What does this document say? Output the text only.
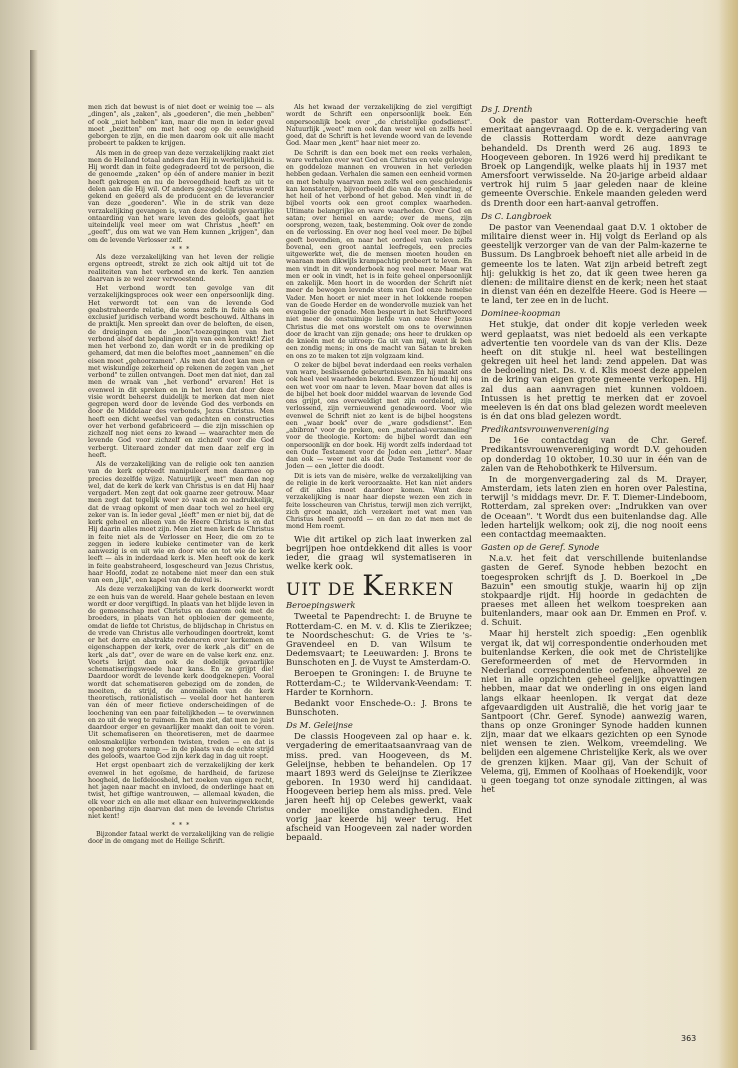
men zich dat bewust is of niet doet er weinig toe — als „dingen", als „zaken", als „goederen", die men „hebben" of ook „niet hebben" kan, maar die men in ieder geval moet „bezitten" om met het oog op de eeuwigheid geborgen te zijn, en die men daarom ook uit alle macht probeert te pakken te krijgen.

Als men in de greep van deze verzakelijking raakt ziet men de Heiland totaal anders dan Hij in werkelijkheid is. Hij wordt dan in feite gedegradeerd tot de persoon, die de genoemde „zaken" op één of andere manier in bezit heeft gekregen en nu de bevoegdheid heeft ze uit te delen aan die Hij wil. Of anders gezegd: Christus wordt gekend en geëerd als de producent en de leverancier van deze „goederen". Wie in de strik van deze verzakelijking gevangen is, van deze dodelijk gevaarlijke ontaarding van het ware leven des geloofs, gaat het uiteindelijk veel meer om wat Christus „heeft" en „geeft", dus om wat we van Hem kunnen „krijgen", dan om de levende Verlosser zelf.

* * *

Als deze verzakelijking van het leven der religie ergens optreedt, strekt ze zich ook altijd uit tot de realiteiten van het verbond en de kerk. Ten aanzien daarvan is ze wel zeer verwoestend.

Het verbond wordt ten gevolge van dit verzakelijkingsproces ook weer een onpersoonlijk ding. Het verwordt tot een van de levende God geabstraheerde relatie, die soms zelfs in feite als een exclusief juridisch verband wordt beschouwd. Althans in de praktijk. Men spreekt dan over de beloften, de eisen, de dreigingen en de „loon"-toezeggingen van het verbond alsof dat bepalingen zijn van een kontrakt! Ziet men het verbond zo, dan wordt er in de prediking op gehamerd, dat men die beloftes moet „aannemen" en die eisen moet „gehoorzamen". Als men dat doet kan men er met wiskundige zekerheid op rekenen de zegen van „het verbond" te zullen ontvangen. Doet men dat niet, dan zal men de wraak van „het verbond" ervaren! Het is evenwel in dit spreken en in het leven dat door deze visie wordt beheerst duidelijk te merken dat men niet gegrepen werd door de levende God des verbonds en door de Middelaar des verbonds, Jezus Christus. Men heeft een dicht weefsel van gedachten en constructies over het verbond gefabriceerd — die zijn misschien op zichzelf nog niet eens zo kwaad — waarachter men de levende God voor zichzelf en zichzelf voor die God verbergt. Uiteraard zonder dat men daar zelf erg in heeft.

Als de verzakelijking van de religie ook ten aanzien van de kerk optreedt manipuleert men daarmee op precies dezelfde wijze. Natuurlijk „weet" men dan nog wel, dat de kerk de kerk van Christus is en dat Hij haar vergadert. Men zegt dat ook gaarne zeer getrouw. Maar men zegt dat tegelijk weer zó vaak en zo nadrukkelijk, dat de vraag opkomt of men daar toch wel zo heel erg zeker van is. In ieder geval „léeft" men er niet bij, dat de kerk geheel en alleen van de Heere Christus is en dat Hij daarin alles moet zijn. Men ziet men kerk de Christus in feite niet als de Verlosser en Heer, die om zo te zeggen in iedere kubieke centimeter van de kerk aanwezig is en uit wie en door wie en tot wie de kerk leeft — als in inderdaad kerk is. Men heeft ook de kerk in feite geabstraheerd, losgescheurd van Jezus Christus, haar Hoofd, zodat ze notabene niet meer dan een stuk van een „lijk", een kapel van de duivel is.

Als deze verzakelijking van de kerk doorwerkt wordt ze een huis van de wereld. Haar gehele bestaan en leven wordt er door vergiftigd. In plaats van het blijde leven in de gemeenschap met Christus en daarom ook met de broeders, in plaats van het opbloeien der gemeente, omdat de liefde tot Christus, de blijdschap in Christus en de vrede van Christus alle verhoudingen doortrekt, komt er het dorre en abstrakte redeneren over kerkemen en eigenschappen der kerk, over de kerk „als dit" en de kerk „als dat", over de ware en de valse kerk enz. enz. Voorts krijgt dan ook de dodelijk gevaarlijke schematiseringswoede haar kans. En ze grijpt die! Daardoor wordt de levende kerk doodgeknepen. Vooral wordt dat schematiseren gebezigd om de zonden, de moeiten, de strijd, de anomalieën van de kerk theoretisch, rationalistisch — veelal door het hanteren van één of meer fictieve onderscheidingen of de loochening van een paar feitelijkheden — te overwinnen en zo uit de weg te ruimen. En men ziet, dat men ze juist daardoor erger en gevaarlijker maakt dan ooit te voren. Uit schematiseren en theoretiseren, met de daarmee onlosmakelijke verbonden twisten, treden — en dat is een nog groters ramp — in de plaats van de echte strijd des geloofs, waartoe God zijn kerk dag in dag uit roept.

Het ergst openbaart zich de verzakelijking der kerk evenwel in het egoïsme, de hardheid, de farizese hoogheid, de liefdeloosheid, het zoeken van eigen recht, het jagen naar macht en invloed, de onderlinge haat en twist, het giftige wantrouwen, — allemaal kwaden, die elk voor zich en alle met elkaar een huiveringwekkende openbaring zijn daarvan dat men de levende Christus niet kent!

* * *

Bijzonder fataal werkt de verzakelijking van de religie door in de omgang met de Heilige Schrift.

Als het kwaad der verzakelijking de ziel vergiftigt wordt de Schrift een onpersoonlijk boek. Een onpersoonlijk boek over „de christelijke godsdienst". Natuurlijk „weet" men ook dan weer wel en zelfs heel goed, dat de Schrift is het levende woord van de levende God. Maar men „kent" haar niet meer zo.

De Schrift is dan een boek met een reeks verhalen, ware verhalen over wat God en Christus en vele gelovige en goddeloze mannen en vrouwen in het verleden hebben gedaan. Verhalen die samen een eenheid vormen en met behulp waarvan men zelfs wel een geschiedenis kan konstateren, bijvoorbeeld die van de openbaring, of het heil of het verbond of het gebod. Men vindt in de bijbel voorts ook een groot complex waarheden. Ultimate belangrijke en ware waarheden. Over God en satan; over hemel en aarde; over de mens, zijn oorsprong, wezen, taak, bestemming. Ook over de zonde en de verlossing. En over nog heel veel meer. De bijbel geeft bovendien, en naar het oordeel van velen zelfs bovenal, een groot aantal leefregels, een precies uitgewerkte wet, die de mensen moeten houden en waaraan men dikwijls krampachtig probeert te leven. En men vindt in dit wonderboek nog veel meer. Maar wat men er ook in vindt, het is in feite geheel onpersoonlijk en zakelijk. Men hoort in de woorden der Schrift niet meer de bewogen levende stem van God onze hemelse Vader. Men hoort er niet meer in het lokkende roepen van de Goede Herder en de wondervolle muziek van het evangelie der genade. Men bespeurt in het Schriftwoord niet meer de onstuimige liefde van onze Heer Jezus Christus die met ons worstelt om ons te overwinnen door de kracht van zijn genade; ons heer te drukken op de knieën met de uitroep: Ga uit van mij, want ik ben een zondig mens; in ons de macht van Satan te breken en ons zo te maken tot zijn volgzaam kind.

O zeker de bijbel bevat inderdaad een reeks verhalen van ware, beslissende gebeurtenissen. En hij maakt ons ook heel veel waarheden bekend. Evenzeer houdt hij ons een wet voor om naar te leven. Maar boven dat alles is de bijbel het boek door middel waarvan de levende God ons grijpt, ons overweldigt met zijn oordelend, zijn verlossend, zijn vernieuwend genadewoord. Voor wie evenwel de Schrift niet zo kent is de bijbel hoogstens een „waar boek" over de „ware godsdienst". Een „abibron" voor de preken, een „materiaal-verzameling" voor de theologie. Kortom: de bijbel wordt dan een onpersoonlijk en dor boek. Hij wordt zelfs inderdaad tot een Oude Testament voor de Joden een „letter". Maar dan ook — weer net als dat Oude Testament voor de Joden — een „letter die doodt.

Dit is iets van de misère, welke de verzakelijking van de religie in de kerk veroorzaakte. Het kan niet anders of dit alles moet daardoor komen. Want deze verzakelijking is naar haar diepste wezen een zich in feite losscheuren van Christus, terwijl men zich verrijkt, zich groot maakt, zich verzekert met wat men van Christus heeft geroofd — en dan zo dat men met de mond Hem roemt.

Wie dit artikel op zich laat inwerken zal begrijpen hoe ontdekkend dit alles is voor ieder, die graag wil systematiseren in welke kerk ook.

UIT DE KERKEN
Beroepingswerk

Tweetal te Papendrecht: I. de Bruyne te Rotterdam-C. en M. v. d. Klis te Zierikzee; te Noordscheschut: G. de Vries te 's-Gravendeel en D. van Wilsum te Dedemsvaart; te Leeuwarden: J. Brons te Bunschoten en J. de Vuyst te Amsterdam-O.

Beroepen te Groningen: I. de Bruyne te Rotterdam-C.; te Wildervank-Veendam: T. Harder te Kornhorn.

Bedankt voor Enschede-O.: J. Brons te Bunschoten.

Ds M. Geleijnse

De classis Hoogeveen zal op haar e. k. vergadering de emeritaatsaanvraag van de miss. pred. van Hoogeveen, ds M. Geleijnse, hebben te behandelen. Op 17 maart 1893 werd ds Geleijnse te Zierikzee geboren. In 1930 werd hij candidaat. Hoogeveen beriep hem als miss. pred. Vele jaren heeft hij op Celebes gewerkt, vaak onder moeilijke omstandigheden. Eind vorig jaar keerde hij weer terug. Het afscheid van Hoogeveen zal nader worden bepaald.

Ds J. Drenth

Ook de pastor van Rotterdam-Overschie heeft emeritaat aangevraagd. Op de e. k. vergadering van de classis Rotterdam wordt deze aanvrage behandeld. Ds Drenth werd 26 aug. 1893 te Hoogeveen geboren. In 1926 werd hij predikant te Broek op Langendijk, welke plaats hij in 1937 met Amersfoort verwisselde. Na 20-jarige arbeid aldaar vertrok hij ruim 5 jaar geleden naar de kleine gemeente Overschie. Enkele maanden geleden werd ds Drenth door een hart-aanval getroffen.

Ds C. Langbroek

De pastor van Veenendaal gaat D.V. 1 oktober de militaire dienst weer in. Hij volgt ds Eerland op als geestelijk verzorger van de van der Palm-kazerne te Bussum. Ds Langbroek behoeft niet alle arbeid in de gemeente los te laten. Wat zijn arbeid betreft zegt hij: gelukkig is het zo, dat ik geen twee heren ga dienen: de militaire dienst en de kerk; neen het staat in dienst van één en dezelfde Heere. God is Heere — te land, ter zee en in de lucht.

Dominee-koopman

Het stukje, dat onder dit kopje verleden week werd geplaatst, was niet bedoeld als een verkapte advertentie ten voordele van ds van der Klis. Deze heeft on dit stukje nl. heel wat bestellingen gekregen uit heel het land: zend appelen. Dat was de bedoeling niet. Ds. v. d. Klis moest deze appelen in de kring van eigen grote gemeente verkopen. Hij zal dus aan aanvragen niet kunnen voldoen. Intussen is het prettig te merken dat er zovoel meeleven is én dat ons blad gelezen wordt meeleven is én dat ons blad gelezen wordt.

Predikantsvrouwenvereniging

De 16e contactdag van de Chr. Geref. Predikantsvrouwenvereniging wordt D.V. gehouden op donderdag 10 oktober, 10.30 uur in één van de zalen van de Rehobothkerk te Hilversum.

In de morgenvergadering zal ds M. Drayer, Amsterdam, iets laten zien en horen over Palestina, terwijl 's middags mevr. Dr. F. T. Diemer-Lindeboom, Rotterdam, zal spreken over: „Indrukken van over de Oceaan". 't Wordt dus een buitenlandse dag. Alle leden hartelijk welkom; ook zij, die nog nooit eens een contactdag meemaakten.

Gasten op de Geref. Synode

N.a.v. het feit dat verschillende buitenlandse gasten de Geref. Synode hebben bezocht en toegesproken schrijft ds J. D. Boerkoel in „De Bazuin" een smoutig stukje, waarin hij op zijn stokpaardje rijdt. Hij hoorde in gedachten de praeses met alleen het welkom toespreken aan buitenlanders, maar ook aan Dr. Emmen en Prof. v. d. Schuit.

Maar hij herstelt zich spoedig: „Een ogenblik vergat ik, dat wij correspondentie onderhouden met buitenlandse Kerken, die ook met de Christelijke Gereformeerden of met de Hervormden in Nederland correspondentie oefenen, alhoewel ze niet in alle opzichten geheel gelijke opvattingen hebben, maar dat we onderling in ons eigen land langs elkaar heenlopen. Ik vergat dat deze afgevaardigden uit Australië, die het vorig jaar te Santpoort (Chr. Geref. Synode) aanwezig waren, thans op onze Groninger Synode hadden kunnen zijn, maar dat we elkaars gezichten op een Synode niet wensen te zien. Welkom, vreemdeling. We belijden een algemene Christelijke Kerk, als we over de grenzen kijken. Maar gij, Van der Schuit of Velema, gij, Emmen of Koolhaas of Hoekendijk, voor u geen toegang tot onze synodale zittingen, al was het

363
